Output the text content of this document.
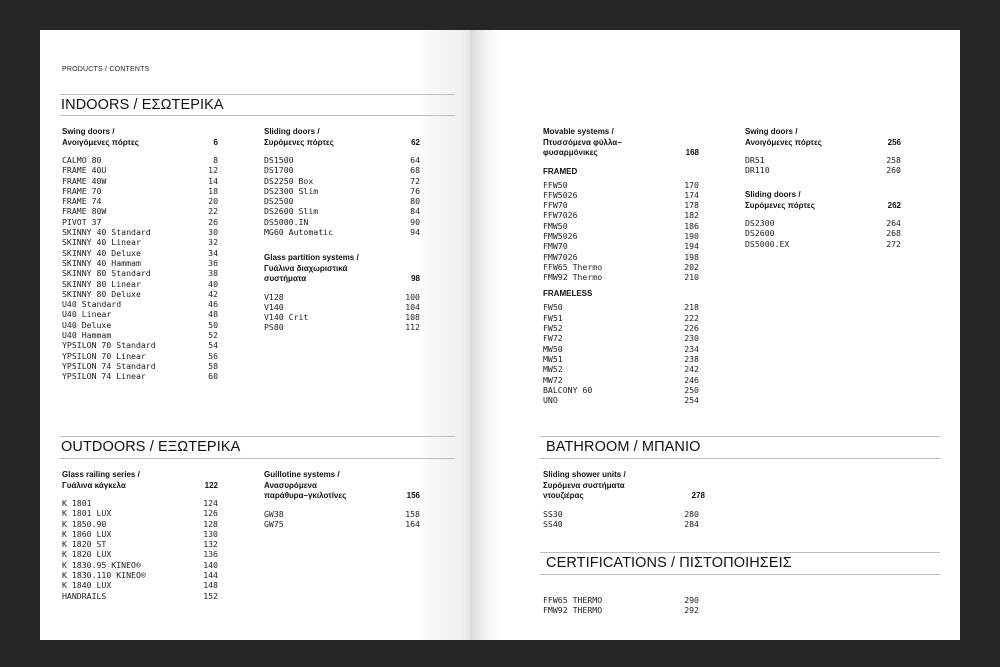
PRODUCTS / CONTENTS
INDOORS / ΕΣΩΤΕΡΙΚΑ
Swing doors /
Ανοιγόμενες πόρτες	6
CALMO 80	8
FRAME 40U	12
FRAME 40W	14
FRAME 70	18
FRAME 74	20
FRAME 80W	22
PIVOT 37	26
SKINNY 40 Standard	30
SKINNY 40 Linear	32
SKINNY 40 Deluxe	34
SKINNY 40 Hammam	36
SKINNY 80 Standard	38
SKINNY 80 Linear	40
SKINNY 80 Deluxe	42
U40 Standard	46
U40 Linear	48
U40 Deluxe	50
U40 Hammam	52
YPSILON 70 Standard	54
YPSILON 70 Linear	56
YPSILON 74 Standard	58
YPSILON 74 Linear	60
Sliding doors /
Συρόμενες πόρτες	62
DS1500	64
DS1700	68
DS2250 Box	72
DS2300 Slim	76
DS2500	80
DS2600 Slim	84
DS5000.IN	90
MG60 Automatic	94
Glass partition systems /
Γυάλινα διαχωριστικά
συστήματα	98
V128	100
V140	104
V140 Crit	108
PS80	112
OUTDOORS / ΕΞΩΤΕΡΙΚΑ
Glass railing series /
Γυάλινα κάγκελα	122
K 1801	124
K 1801 LUX	126
K 1850.90	128
K 1860 LUX	130
K 1820 ST	132
K 1820 LUX	136
K 1830.95 KINEO®	140
K 1830.110 KINEO®	144
K 1840 LUX	148
HANDRAILS	152
Guillotine systems /
Ανασυρόμενα
παράθυρα–γκιλοτίνες	156
GW38	158
GW75	164
Movable systems /
Πτυσσόμενα φύλλα–
φυσαρμόνικες	168
FRAMED
FFW50	170
FFW5026	174
FFW70	178
FFW7026	182
FMW50	186
FMW5026	190
FMW70	194
FMW7026	198
FFW65 Thermo	202
FMW92 Thermo	210
FRAMELESS
FW50	218
FW51	222
FW52	226
FW72	230
MW50	234
MW51	238
MW52	242
MW72	246
BALCONY 60	250
UNO	254
Swing doors /
Ανοιγόμενες πόρτες	256
DR51	258
DR110	260
Sliding doors /
Συρόμενες πόρτες	262
DS2300	264
DS2600	268
DS5000.EX	272
BATHROOM / ΜΠΑΝΙΟ
Sliding shower units /
Συρόμενα συστήματα
ντουζιέρας	278
SS30	280
SS40	284
CERTIFICATIONS / ΠΙΣΤΟΠΟΙΗΣΕΙΣ
FFW65 THERMO	290
FMW92 THERMO	292
